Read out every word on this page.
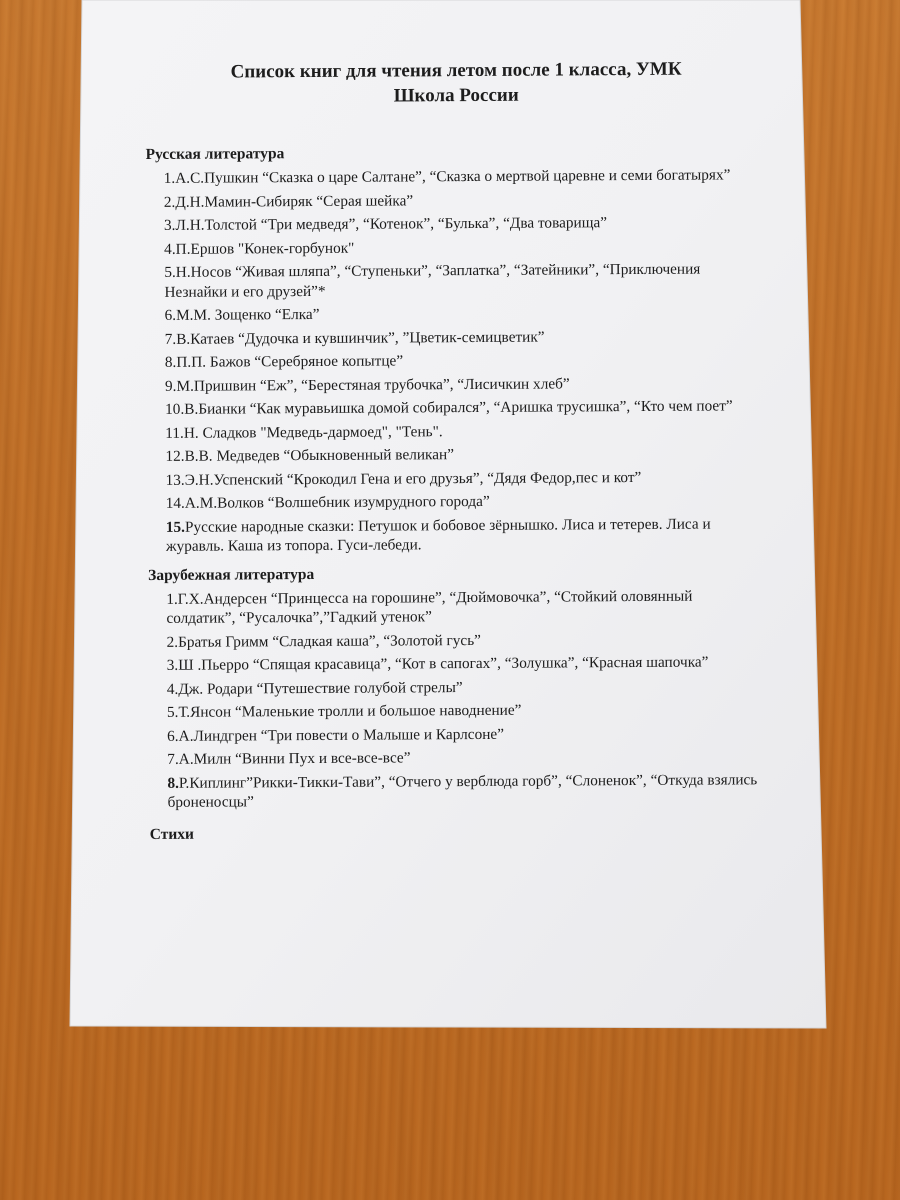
Список книг для чтения летом после 1 класса, УМК
Школа России
Русская литература
1.А.С.Пушкин “Сказка о царе Салтане”, “Сказка о мертвой царевне и семи богатырях”
2.Д.Н.Мамин-Сибиряк “Серая шейка”
3.Л.Н.Толстой “Три медведя”, “Котенок”, “Булька”, “Два товарища”
4.П.Ершов "Конек-горбунок"
5.Н.Носов “Живая шляпа”, “Ступеньки”, “Заплатка”, “Затейники”, “Приключения Незнайки и его друзей”*
6.М.М. Зощенко “Елка”
7.В.Катаев “Дудочка и кувшинчик”, ”Цветик-семицветик”
8.П.П. Бажов “Серебряное копытце”
9.М.Пришвин “Еж”, “Берестяная трубочка”, “Лисичкин хлеб”
10.В.Бианки “Как муравьишка домой собирался”, “Аришка трусишка”, “Кто чем поет”
11.Н. Сладков "Медведь-дармоед", "Тень".
12.В.В. Медведев “Обыкновенный великан”
13.Э.Н.Успенский “Крокодил Гена и его друзья”, “Дядя Федор,пес и кот”
14.А.М.Волков “Волшебник изумрудного города”
15.Русские народные сказки: Петушок и бобовое зёрнышко. Лиса и тетерев. Лиса и журавль. Каша из топора. Гуси-лебеди.
Зарубежная литература
1.Г.Х.Андерсен “Принцесса на горошине”, “Дюймовочка”, “Стойкий оловянный солдатик”, “Русалочка”,”Гадкий утенок”
2.Братья Гримм “Сладкая каша”, “Золотой гусь”
3.Ш .Пьерро “Спящая красавица”, “Кот в сапогах”, “Золушка”, “Красная шапочка”
4.Дж. Родари “Путешествие голубой стрелы”
5.Т.Янсон “Маленькие тролли и большое наводнение”
6.А.Линдгрен “Три повести о Малыше и Карлсоне”
7.А.Милн “Винни Пух и все-все-все”
8.Р.Киплинг”Рикки-Тикки-Тави”, “Отчего у верблюда горб”, “Слоненок”, “Откуда взялись броненосцы”
Стихи
